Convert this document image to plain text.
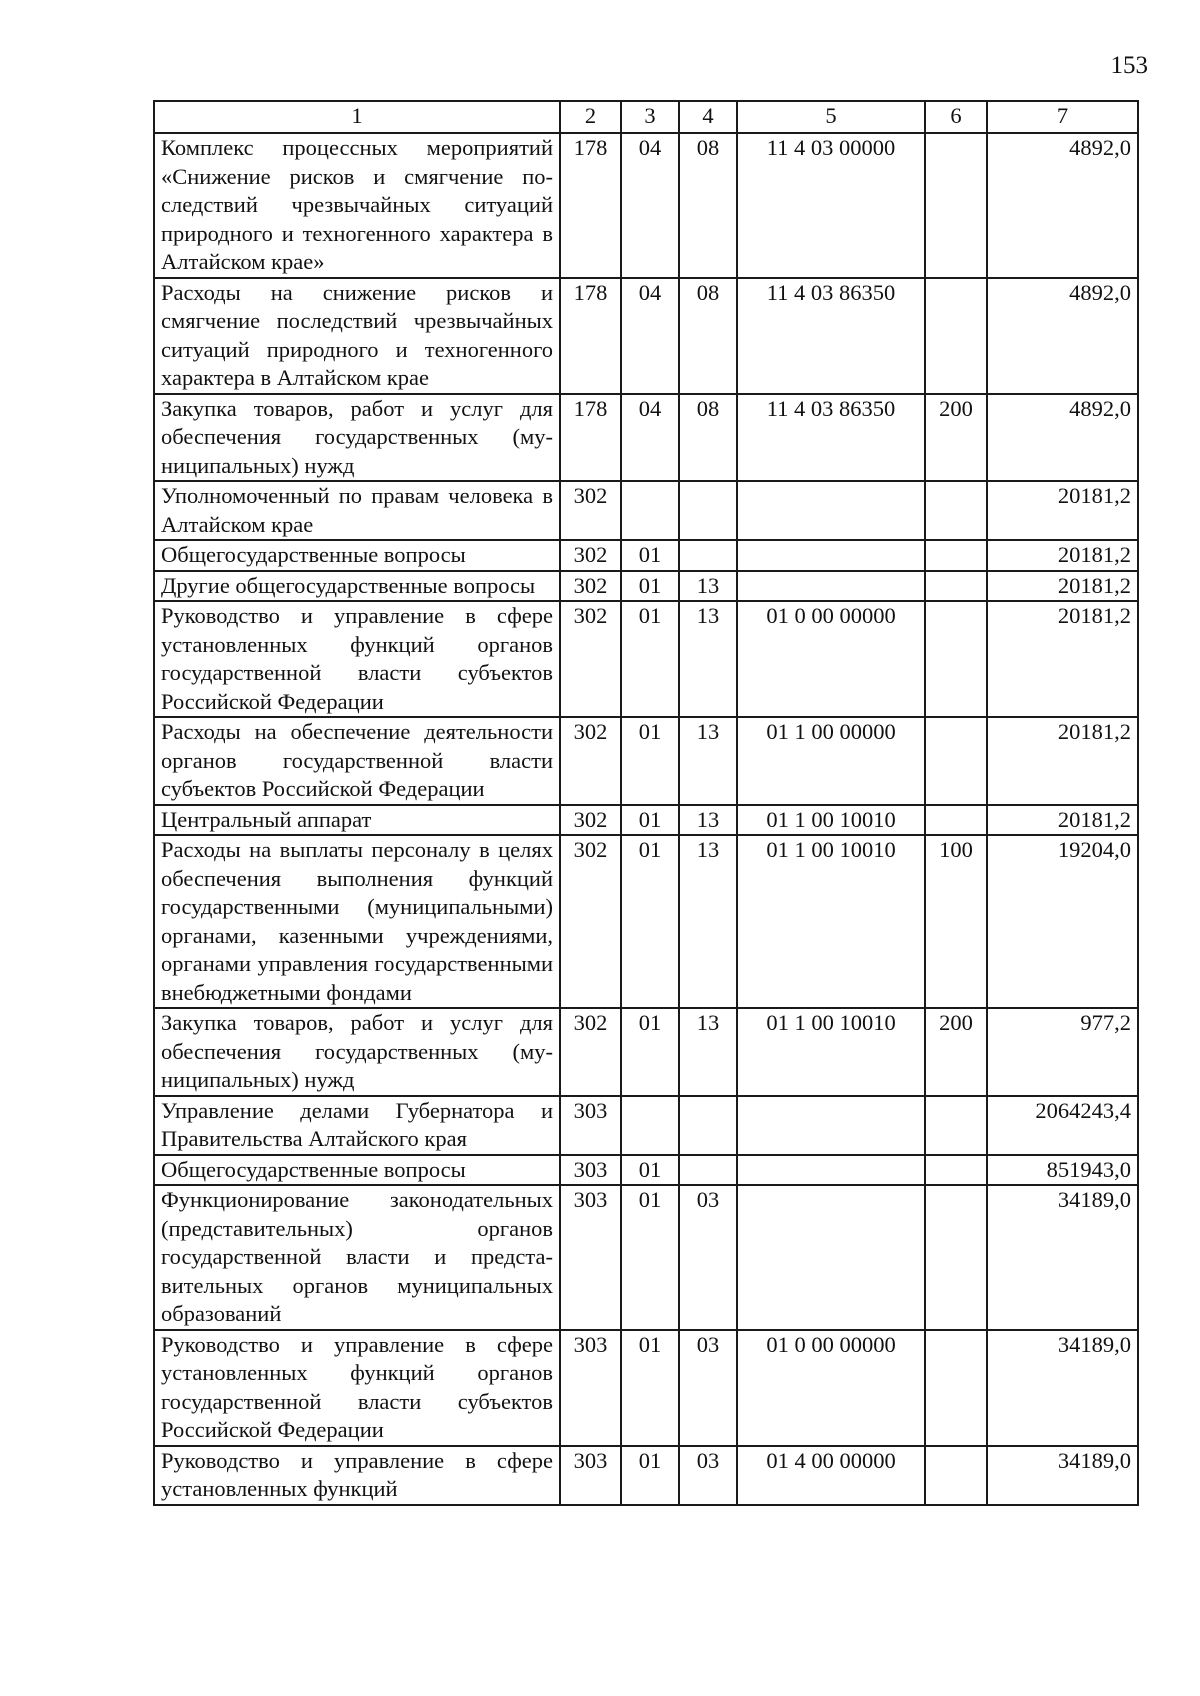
153
1	2	3	4	5	6	7
Комплекс процессных мероприятий «Снижение рисков и смягчение последствий чрезвычайных ситуаций природного и техногенного характера в Алтайском крае»	178	04	08	11 4 03 00000		4892,0
Расходы на снижение рисков и смягчение последствий чрезвычайных ситуаций природного и техногенного характера в Алтайском крае	178	04	08	11 4 03 86350		4892,0
Закупка товаров, работ и услуг для обеспечения государственных (муниципальных) нужд	178	04	08	11 4 03 86350	200	4892,0
Уполномоченный по правам человека в Алтайском крае	302					20181,2
Общегосударственные вопросы	302	01				20181,2
Другие общегосударственные вопросы	302	01	13			20181,2
Руководство и управление в сфере установленных функций органов государственной власти субъектов Российской Федерации	302	01	13	01 0 00 00000		20181,2
Расходы на обеспечение деятельности органов государственной власти субъектов Российской Федерации	302	01	13	01 1 00 00000		20181,2
Центральный аппарат	302	01	13	01 1 00 10010		20181,2
Расходы на выплаты персоналу в целях обеспечения выполнения функций государственными (муниципальными) органами, казенными учреждениями, органами управления государственными внебюджетными фондами	302	01	13	01 1 00 10010	100	19204,0
Закупка товаров, работ и услуг для обеспечения государственных (муниципальных) нужд	302	01	13	01 1 00 10010	200	977,2
Управление делами Губернатора и Правительства Алтайского края	303					2064243,4
Общегосударственные вопросы	303	01				851943,0
Функционирование законодательных (представительных) органов государственной власти и представительных органов муниципальных образований	303	01	03			34189,0
Руководство и управление в сфере установленных функций органов государственной власти субъектов Российской Федерации	303	01	03	01 0 00 00000		34189,0
Руководство и управление в сфере установленных функций	303	01	03	01 4 00 00000		34189,0
